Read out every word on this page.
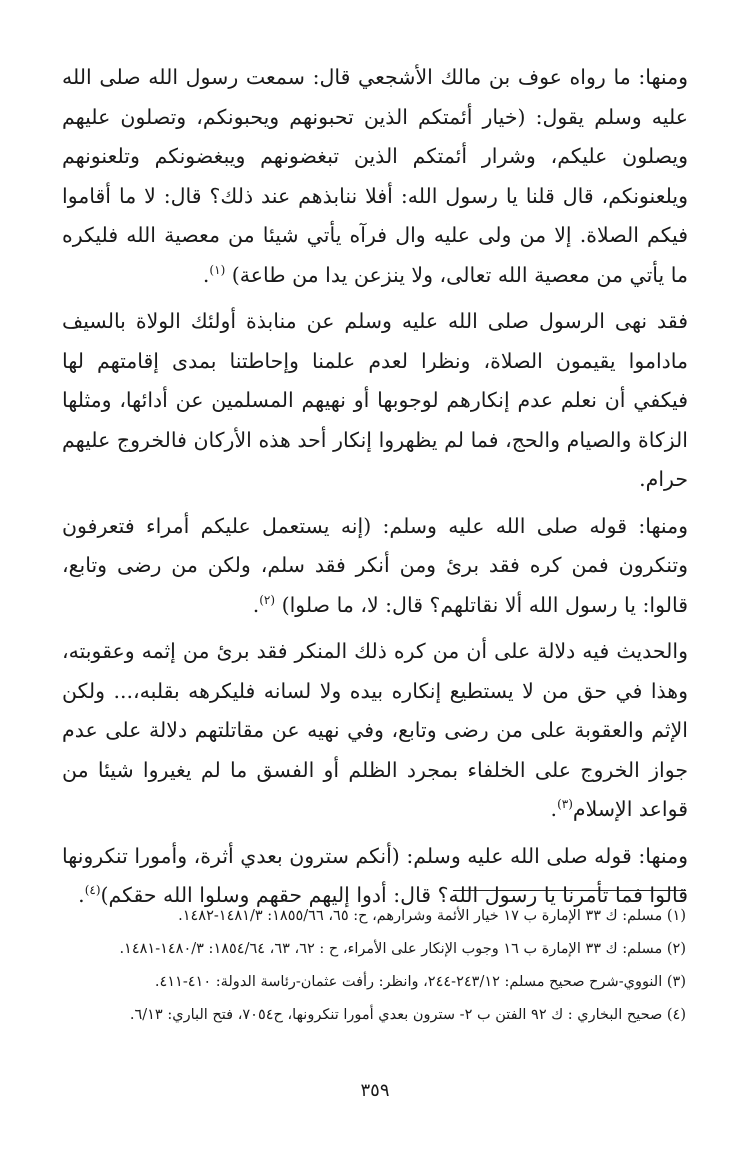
ومنها: ما رواه عوف بن مالك الأشجعي قال: سمعت رسول الله صلى الله عليه وسلم يقول: (خيار أئمتكم الذين تحبونهم ويحبونكم، وتصلون عليهم ويصلون عليكم، وشرار أئمتكم الذين تبغضونهم ويبغضونكم وتلعنونهم ويلعنونكم، قال قلنا يا رسول الله: أفلا ننابذهم عند ذلك؟ قال: لا ما أقاموا فيكم الصلاة. إلا من ولى عليه وال فرآه يأتي شيئا من معصية الله فليكره ما يأتي من معصية الله تعالى، ولا ينزعن يدا من طاعة) $^{(١)}$.

فقد نهى الرسول صلى الله عليه وسلم عن منابذة أولئك الولاة بالسيف ماداموا يقيمون الصلاة، ونظرا لعدم علمنا وإحاطتنا بمدى إقامتهم لها فيكفي أن نعلم عدم إنكارهم لوجوبها أو نهيهم المسلمين عن أدائها، ومثلها الزكاة والصيام والحج، فما لم يظهروا إنكار أحد هذه الأركان فالخروج عليهم حرام.

ومنها: قوله صلى الله عليه وسلم: (إنه يستعمل عليكم أمراء فتعرفون وتنكرون فمن كره فقد برئ ومن أنكر فقد سلم، ولكن من رضى وتابع، قالوا: يا رسول الله ألا نقاتلهم؟ قال: لا، ما صلوا) $^{(٢)}$.

والحديث فيه دلالة على أن من كره ذلك المنكر فقد برئ من إثمه وعقوبته، وهذا في حق من لا يستطيع إنكاره بيده ولا لسانه فليكرهه بقلبه،... ولكن الإثم والعقوبة على من رضى وتابع، وفي نهيه عن مقاتلتهم دلالة على عدم جواز الخروج على الخلفاء بمجرد الظلم أو الفسق ما لم يغيروا شيئا من قواعد الإسلام$^{(٣)}$.

ومنها: قوله صلى الله عليه وسلم: (أنكم سترون بعدي أثرة، وأمورا تنكرونها قالوا فما تأمرنا يا رسول الله؟ قال: أدوا إليهم حقهم وسلوا الله حقكم)$^{(٤)}$.

(١) مسلم: ك ٣٣ الإمارة ب ١٧ خيار الأئمة وشرارهم، ح: ٦٥، ١٨٥٥/٦٦: ١٤٨١/٣-١٤٨٢.

(٢) مسلم: ك ٣٣ الإمارة ب ١٦ وجوب الإنكار على الأمراء، ح : ٦٢، ٦٣، ١٨٥٤/٦٤: ١٤٨٠/٣-١٤٨١.

(٣) النووي-شرح صحيح مسلم: ٢٤٣/١٢-٢٤٤، وانظر: رأفت عثمان-رئاسة الدولة: ٤١٠-٤١١.

(٤) صحيح البخاري : ك ٩٢ الفتن ب ٢- سترون بعدي أمورا تنكرونها، ح٧٠٥٤، فتح الباري: ٦/١٣.

٣٥٩
